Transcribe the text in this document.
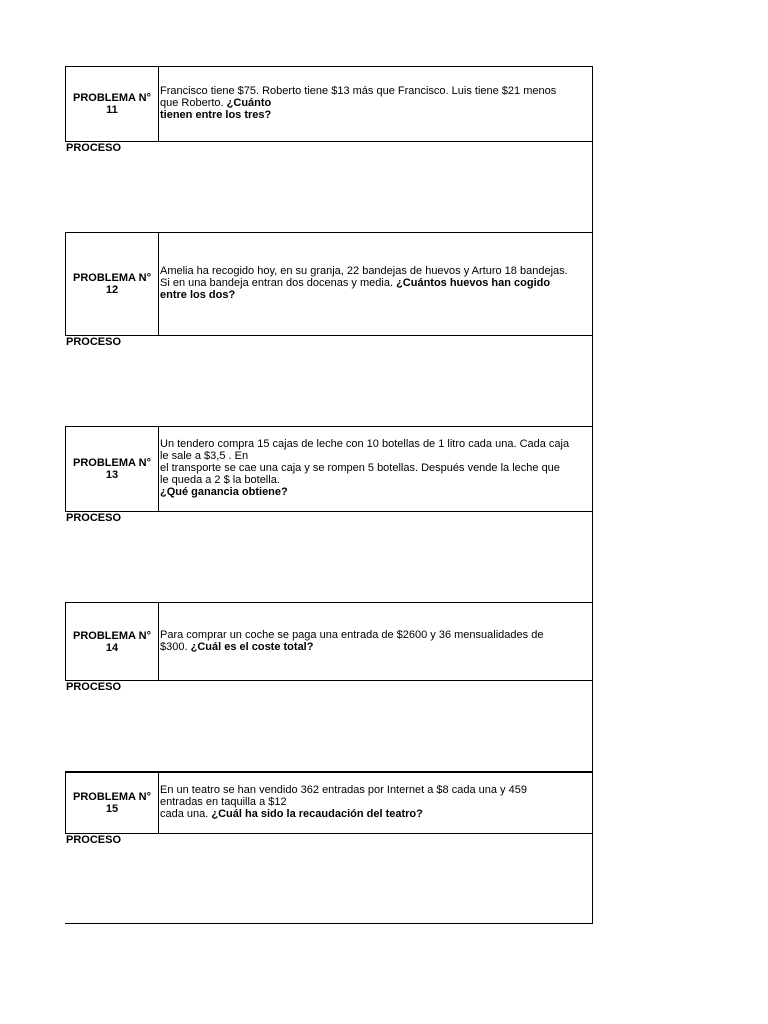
PROBLEMA N°
11
Francisco tiene $75. Roberto tiene $13 más que Francisco. Luis tiene $21 menos
que Roberto. ¿Cuánto
tienen entre los tres?
PROCESO
PROBLEMA N°
12
Amelia ha recogido hoy, en su granja, 22 bandejas de huevos y Arturo 18 bandejas.
Si en una bandeja entran dos docenas y media. ¿Cuántos huevos han cogido
entre los dos?
PROCESO
PROBLEMA N°
13
Un tendero compra 15 cajas de leche con 10 botellas de 1 litro cada una. Cada caja
le sale a $3,5 . En
el transporte se cae una caja y se rompen 5 botellas. Después vende la leche que
le queda a 2 $ la botella.
¿Qué ganancia obtiene?
PROCESO
PROBLEMA N°
14
Para comprar un coche se paga una entrada de $2600 y 36 mensualidades de
$300. ¿Cuál es el coste total?
PROCESO
PROBLEMA N°
15
En un teatro se han vendido 362 entradas por Internet a $8 cada una y 459
entradas en taquilla a $12
cada una. ¿Cuál ha sido la recaudación del teatro?
PROCESO
